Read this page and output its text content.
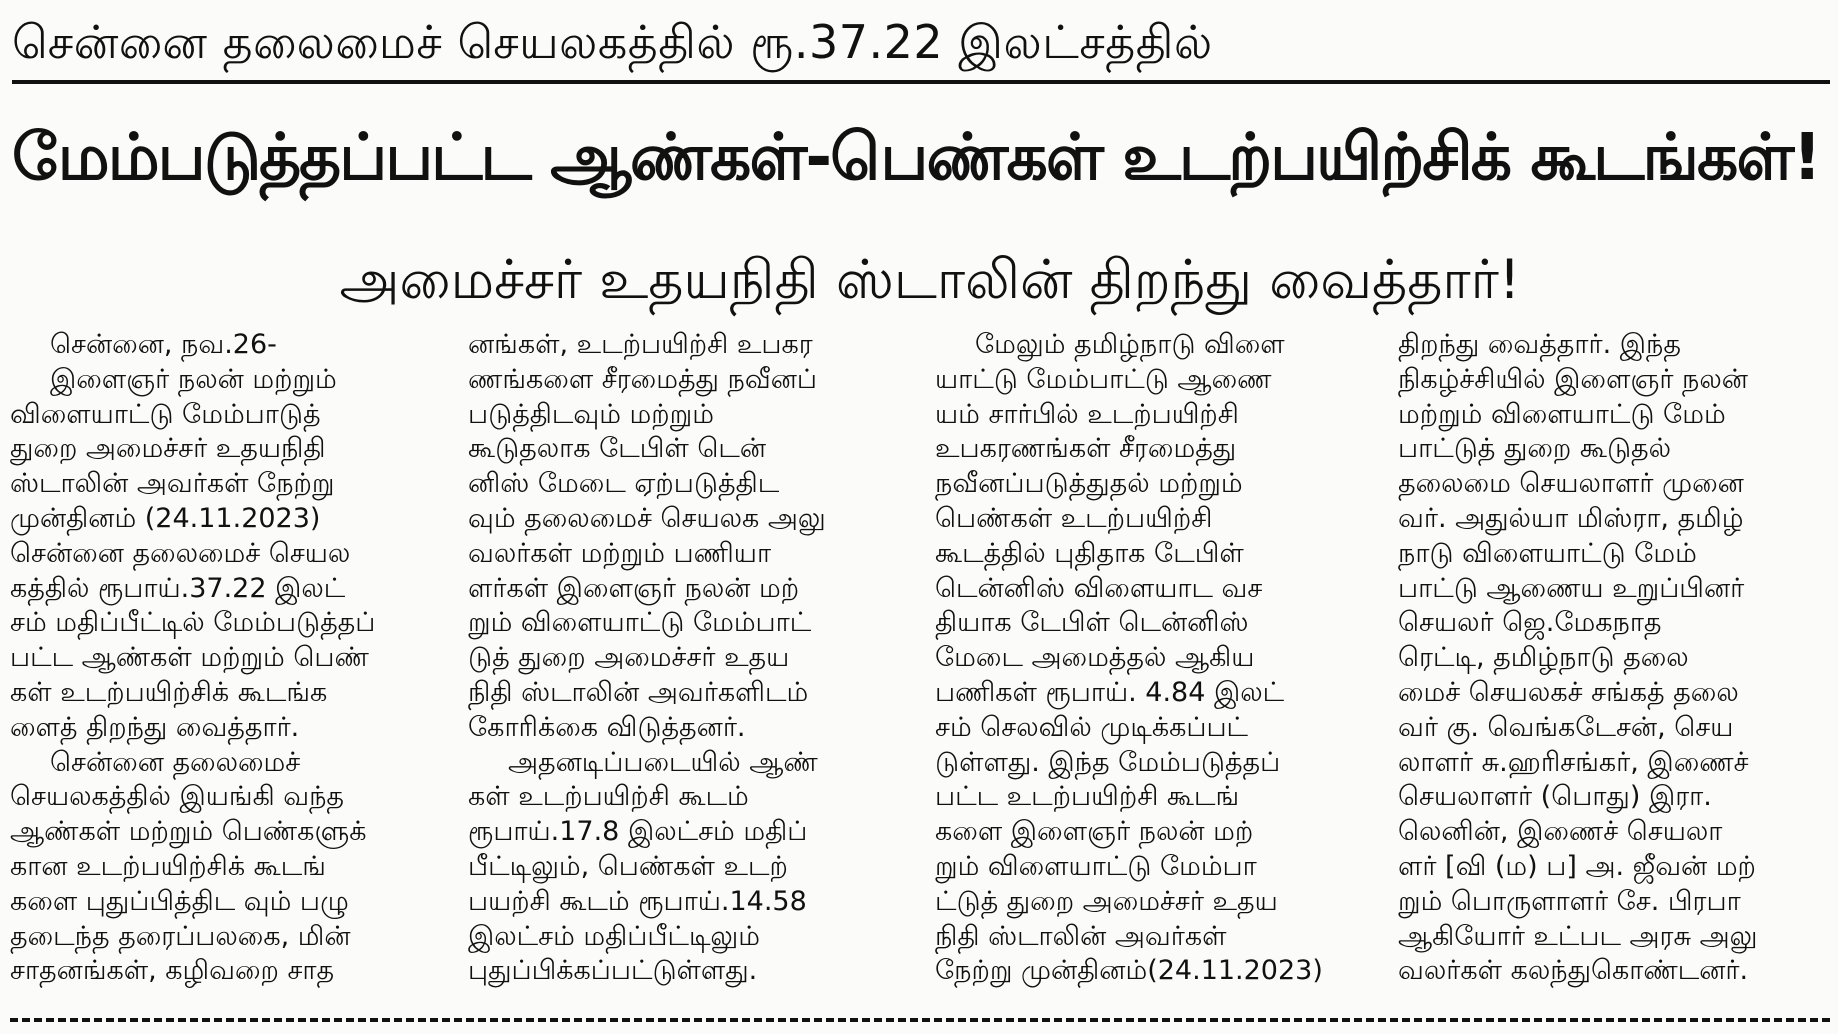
சென்னை தலைமைச் செயலகத்தில் ரூ.37.22 இலட்சத்தில்
மேம்படுத்தப்பட்ட ஆண்கள்-பெண்கள் உடற்பயிற்சிக் கூடங்கள்!
அமைச்சர் உதயநிதி ஸ்டாலின் திறந்து வைத்தார்!
சென்னை, நவ.26-
இளைஞர் நலன் மற்றும்
விளையாட்டு மேம்பாடுத்
துறை அமைச்சர் உதயநிதி
ஸ்டாலின் அவர்கள் நேற்று
முன்தினம் (24.11.2023)
சென்னை தலைமைச் செயல
கத்தில் ரூபாய்.37.22 இலட்
சம் மதிப்பீட்டில் மேம்படுத்தப்
பட்ட ஆண்கள் மற்றும் பெண்
கள் உடற்பயிற்சிக் கூடங்க
ளைத் திறந்து வைத்தார்.
சென்னை தலைமைச்
செயலகத்தில் இயங்கி வந்த
ஆண்கள் மற்றும் பெண்களுக்
கான உடற்பயிற்சிக் கூடங்
களை புதுப்பித்திட வும் பழு
தடைந்த தரைப்பலகை, மின்
சாதனங்கள், கழிவறை சாத
னங்கள், உடற்பயிற்சி உபகர
ணங்களை சீரமைத்து நவீனப்
படுத்திடவும் மற்றும்
கூடுதலாக டேபிள் டென்
னிஸ் மேடை ஏற்படுத்திட
வும் தலைமைச் செயலக அலு
வலர்கள் மற்றும் பணியா
ளர்கள் இளைஞர் நலன் மற்
றும் விளையாட்டு மேம்பாட்
டுத் துறை அமைச்சர் உதய
நிதி ஸ்டாலின் அவர்களிடம்
கோரிக்கை விடுத்தனர்.
அதனடிப்படையில் ஆண்
கள் உடற்பயிற்சி கூடம்
ரூபாய்.17.8 இலட்சம் மதிப்
பீட்டிலும், பெண்கள் உடற்
பயற்சி கூடம் ரூபாய்.14.58
இலட்சம் மதிப்பீட்டிலும்
புதுப்பிக்கப்பட்டுள்ளது.
மேலும் தமிழ்நாடு விளை
யாட்டு மேம்பாட்டு ஆணை
யம் சார்பில் உடற்பயிற்சி
உபகரணங்கள் சீரமைத்து
நவீனப்படுத்துதல் மற்றும்
பெண்கள் உடற்பயிற்சி
கூடத்தில் புதிதாக டேபிள்
டென்னிஸ் விளையாட வச
தியாக டேபிள் டென்னிஸ்
மேடை அமைத்தல் ஆகிய
பணிகள் ரூபாய். 4.84 இலட்
சம் செலவில் முடிக்கப்பட்
டுள்ளது. இந்த மேம்படுத்தப்
பட்ட உடற்பயிற்சி கூடங்
களை இளைஞர் நலன் மற்
றும் விளையாட்டு மேம்பா
ட்டுத் துறை அமைச்சர் உதய
நிதி ஸ்டாலின் அவர்கள்
நேற்று முன்தினம்(24.11.2023)
திறந்து வைத்தார். இந்த
நிகழ்ச்சியில் இளைஞர் நலன்
மற்றும் விளையாட்டு மேம்
பாட்டுத் துறை கூடுதல்
தலைமை செயலாளர் முனை
வர். அதுல்யா மிஸ்ரா, தமிழ்
நாடு விளையாட்டு மேம்
பாட்டு ஆணைய உறுப்பினர்
செயலர் ஜெ.மேகநாத
ரெட்டி, தமிழ்நாடு தலை
மைச் செயலகச் சங்கத் தலை
வர் கு. வெங்கடேசன், செய
லாளர் சு.ஹரிசங்கர், இணைச்
செயலாளர் (பொது) இரா.
லெனின், இணைச் செயலா
ளர் [வி (ம) ப] அ. ஜீவன் மற்
றும் பொருளாளர் சே. பிரபா
ஆகியோர் உட்பட அரசு அலு
வலர்கள் கலந்துகொண்டனர்.
